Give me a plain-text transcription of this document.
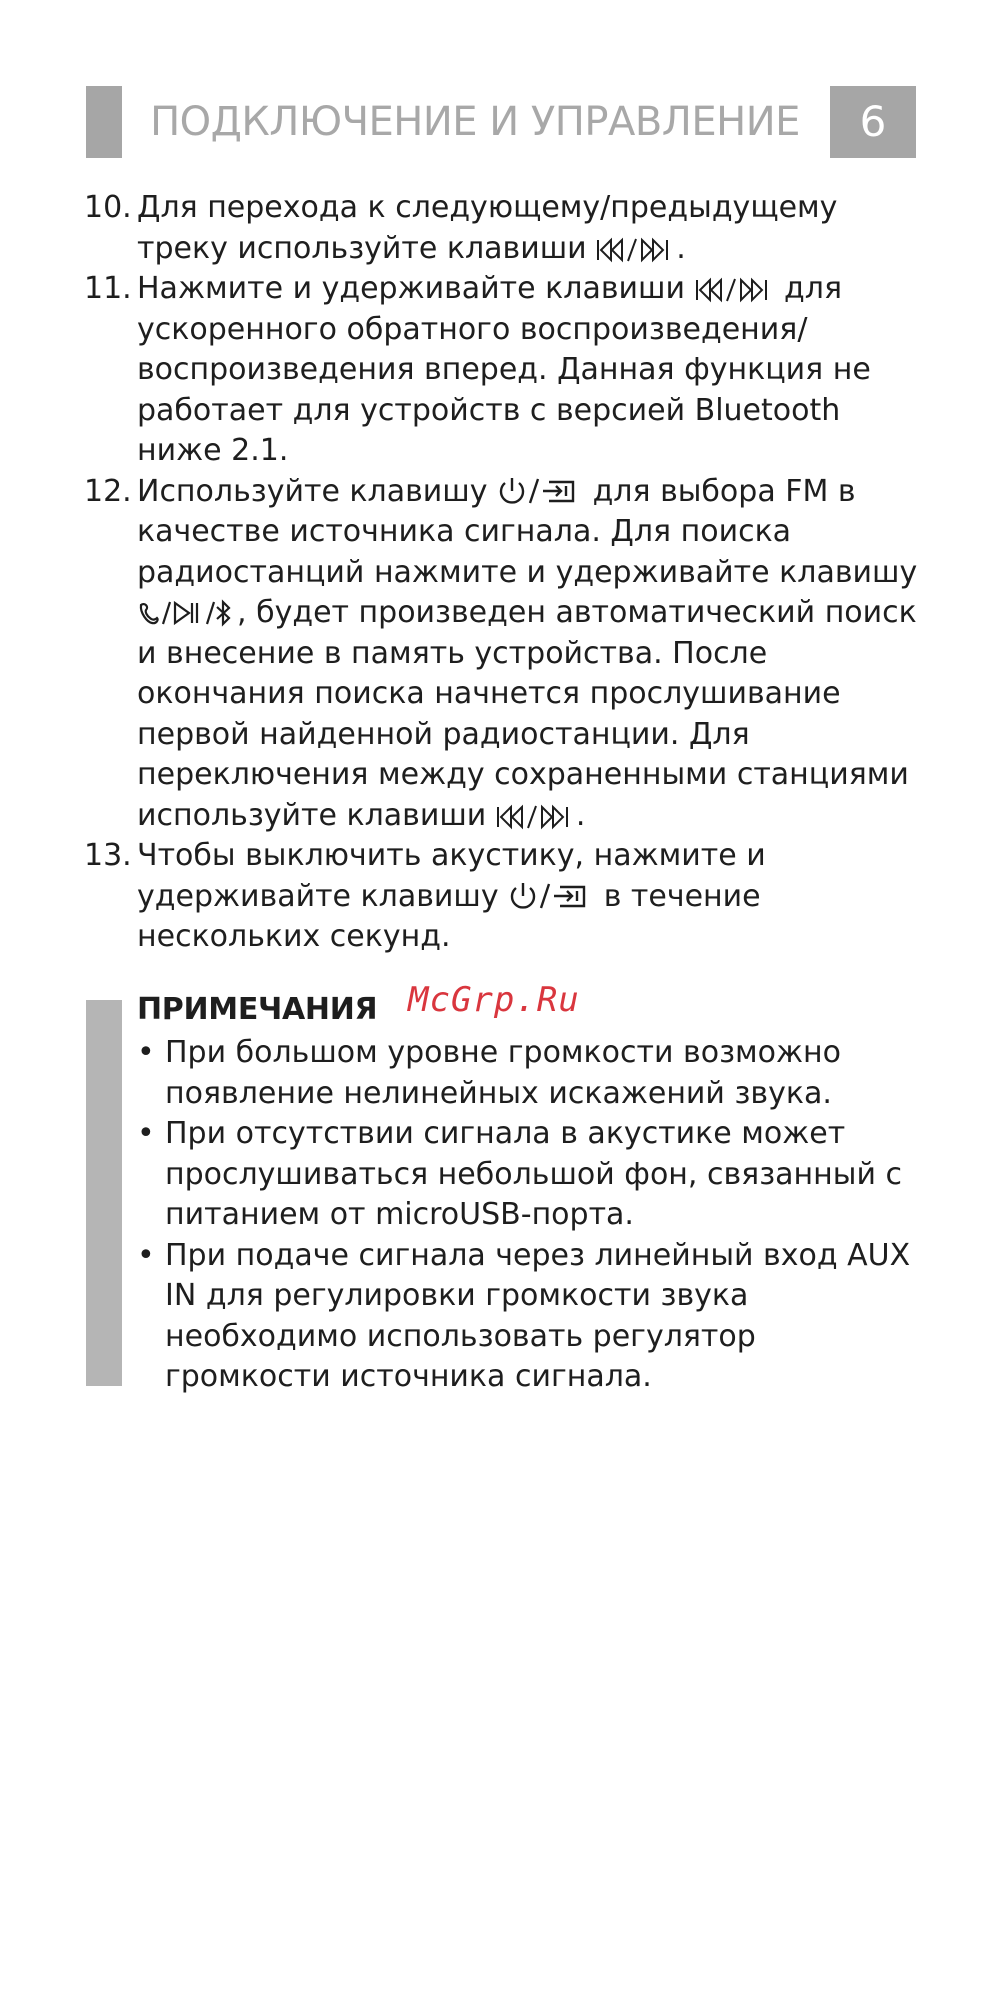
ПОДКЛЮЧЕНИЕ И УПРАВЛЕНИЕ	6
10. Для перехода к следующему/предыдущему треку используйте клавиши	.
11. Нажмите и удерживайте клавиши	для ускоренного обратного воспроизведения/ воспроизведения вперед. Данная функция не работает для устройств с версией Bluetooth ниже 2.1.
12. Используйте клавишу	для выбора FM в качестве источника сигнала. Для поиска радиостанций нажмите и удерживайте клавишу , будет произведен автоматический поиск и внесение в память устройства. После окончания поиска начнется прослушивание первой найденной радиостанции. Для переключения между сохраненными станциями используйте клавиши	.
13. Чтобы выключить акустику, нажмите и удерживайте клавишу	в течение нескольких секунд.
ПРИМЕЧАНИЯ McGrp.Ru
• При большом уровне громкости возможно появление нелинейных искажений звука.
• При отсутствии сигнала в акустике может прослушиваться небольшой фон, связанный с питанием от microUSB-порта.
• При подаче сигнала через линейный вход AUX IN для регулировки громкости звука необходимо использовать регулятор громкости источника сигнала.
